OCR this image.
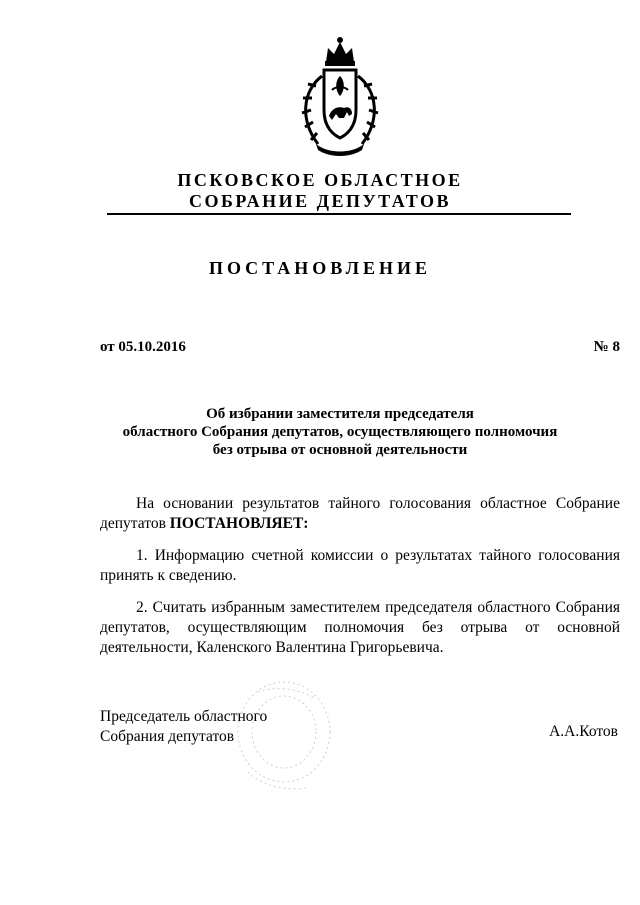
ПСКОВСКОЕ ОБЛАСТНОЕ
СОБРАНИЕ ДЕПУТАТОВ
ПОСТАНОВЛЕНИЕ
от 05.10.2016	№ 8
Об избрании заместителя председателя
областного Собрания депутатов, осуществляющего полномочия
без отрыва от основной деятельности
На основании результатов тайного голосования областное Собрание депутатов ПОСТАНОВЛЯЕТ:
1. Информацию счетной комиссии о результатах тайного голосования принять к сведению.
2. Считать избранным заместителем председателя областного Собрания депутатов, осуществляющим полномочия без отрыва от основной деятельности, Каленского Валентина Григорьевича.
Председатель областного
Собрания депутатов	А.А.Котов
